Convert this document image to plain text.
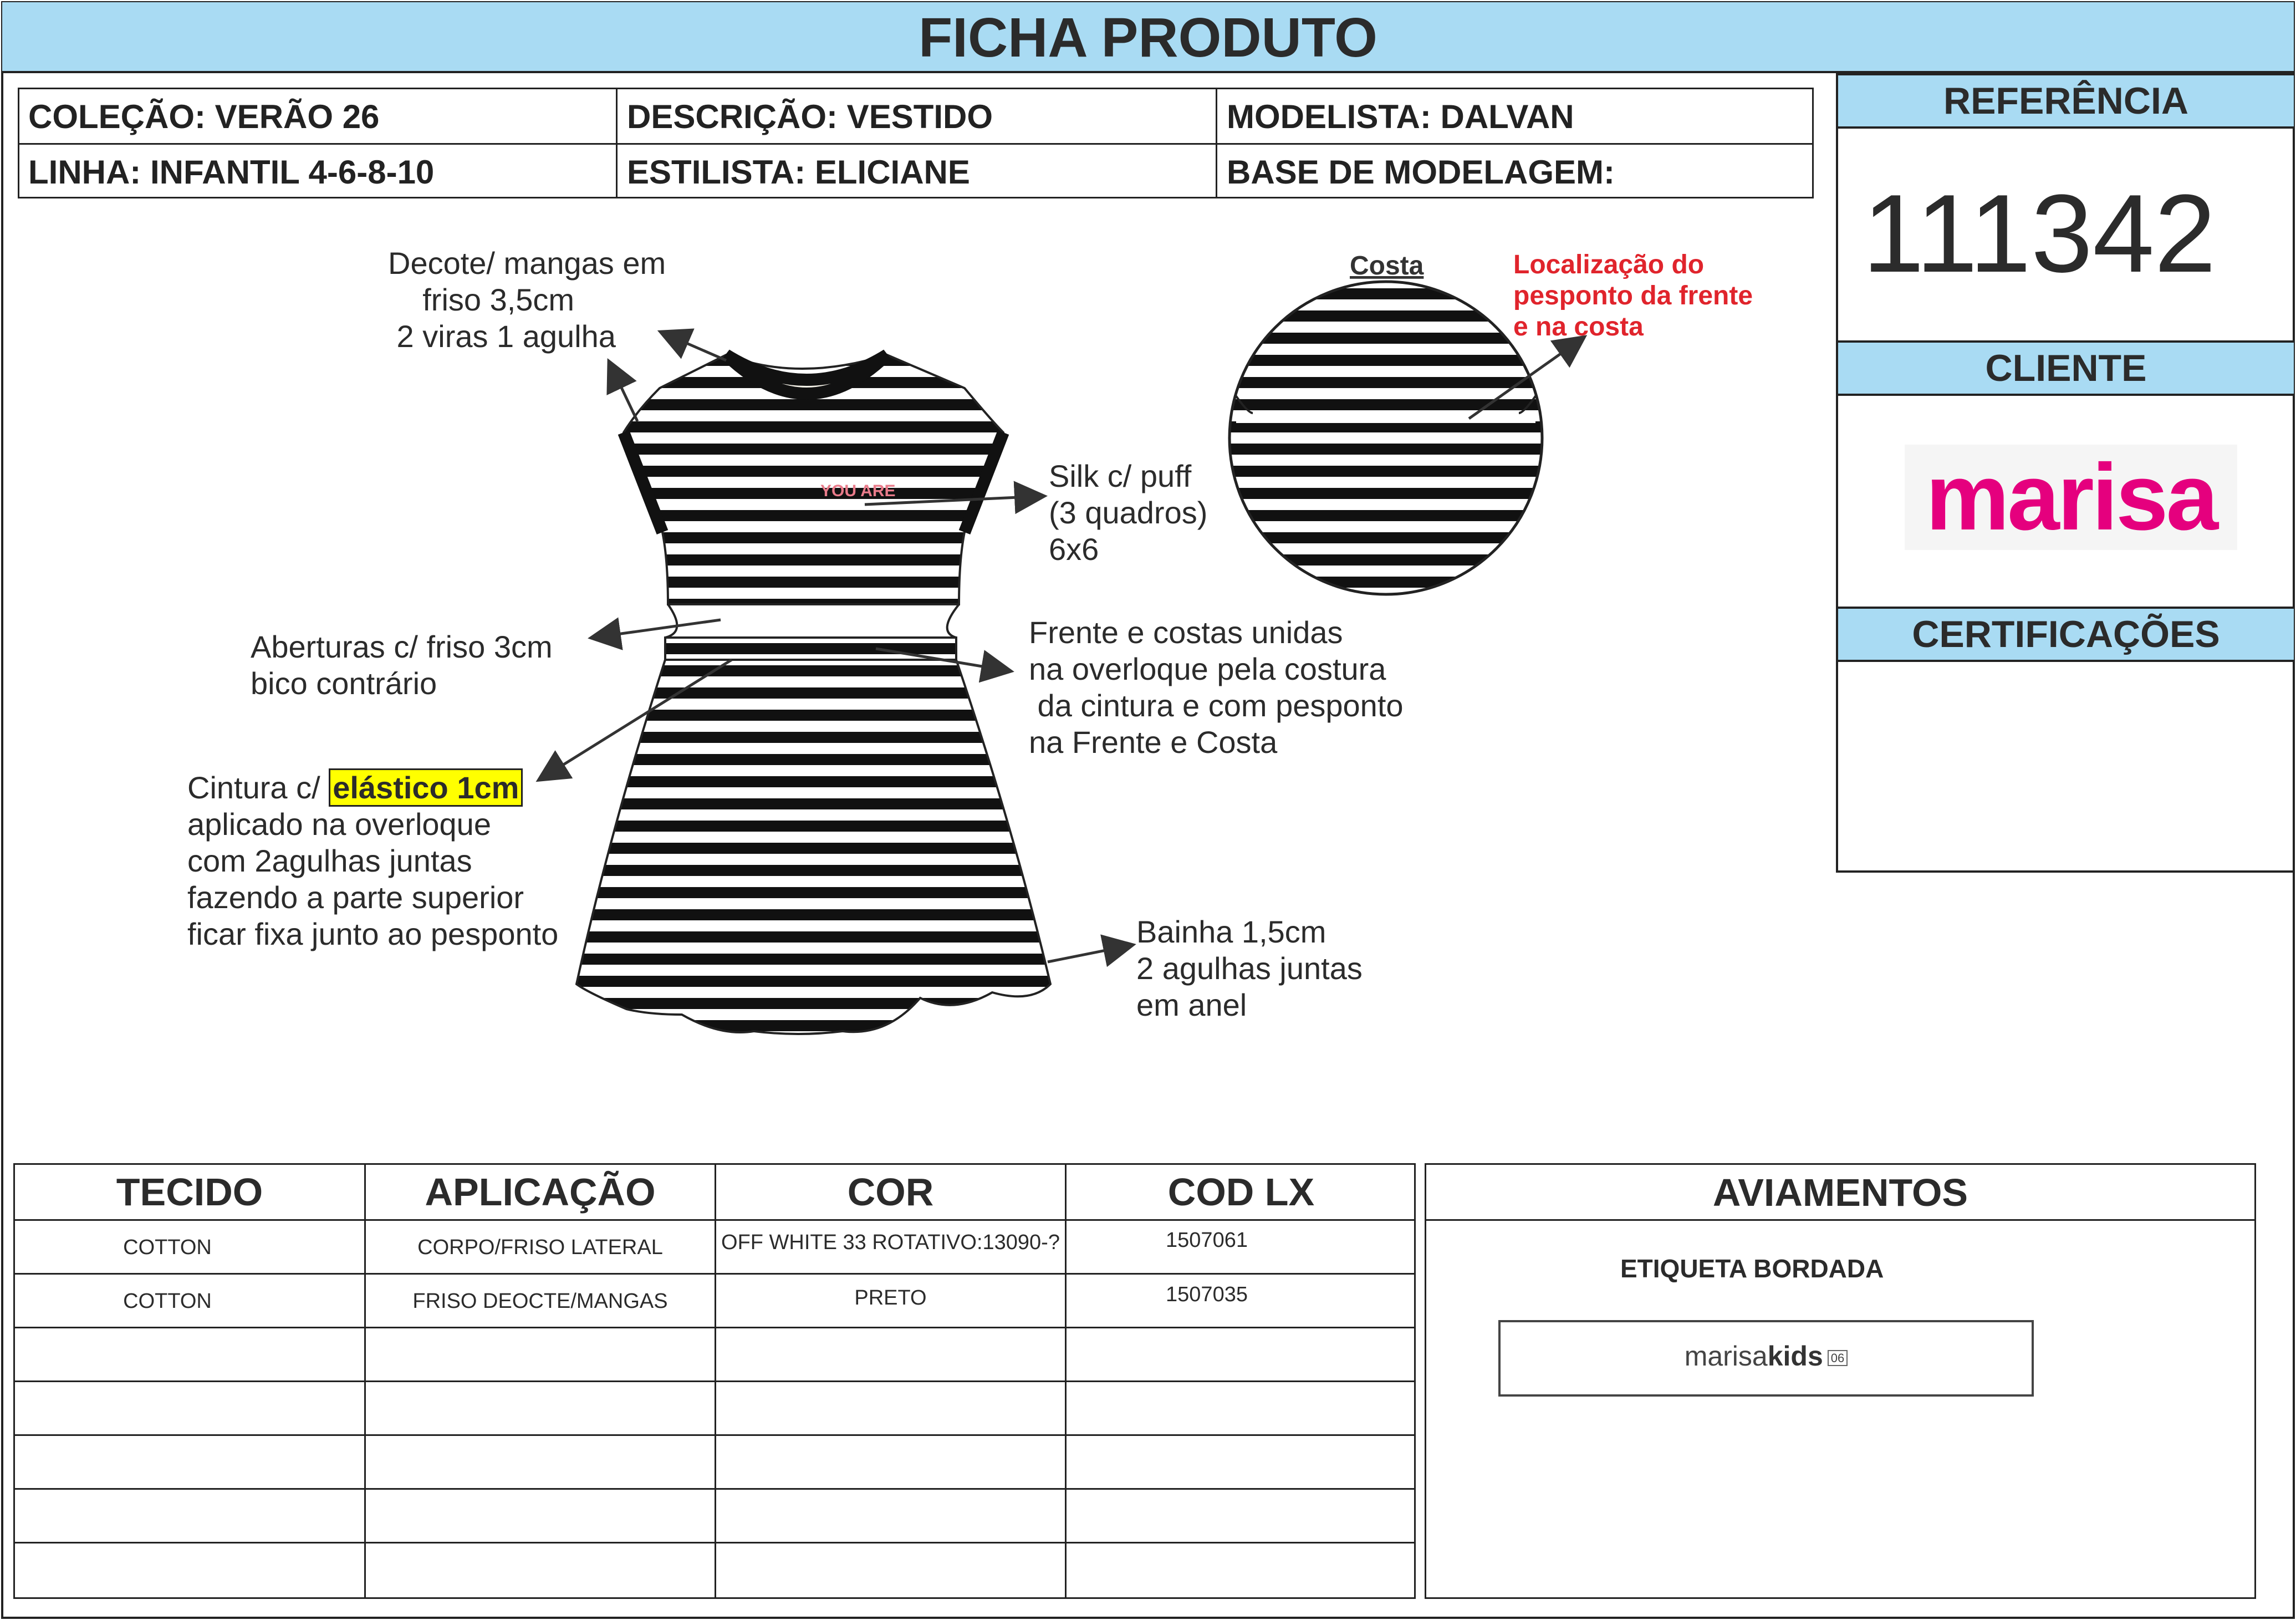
FICHA PRODUTO
COLEÇÃO: VERÃO 26	DESCRIÇÃO: VESTIDO	MODELISTA: DALVAN
LINHA: INFANTIL 4-6-8-10	ESTILISTA: ELICIANE	BASE DE MODELAGEM:
REFERÊNCIA
111342
CLIENTE
marisa
CERTIFICAÇÕES
YOU ARE
Costa
Decote/ mangas em
friso 3,5cm
2 viras 1 agulha
Silk c/ puff
(3 quadros)
6x6
Aberturas c/ friso 3cm
bico contrário
Frente e costas unidas
na overloque pela costura
da cintura e com pesponto
na Frente e Costa
Cintura c/ elástico 1cm
aplicado na overloque
com 2agulhas juntas
fazendo a parte superior
ficar fixa junto ao pesponto	Bainha 1,5cm
2 agulhas juntas
em anel
Localização do
pesponto da frente
e na costa
TECIDO	APLICAÇÃO	COR	COD LX
COTTON	CORPO/FRISO LATERAL	OFF WHITE 33 ROTATIVO:13090-?	1507061
COTTON	FRISO DEOCTE/MANGAS	PRETO	1507035
AVIAMENTOS
ETIQUETA BORDADA
marisakids 06
